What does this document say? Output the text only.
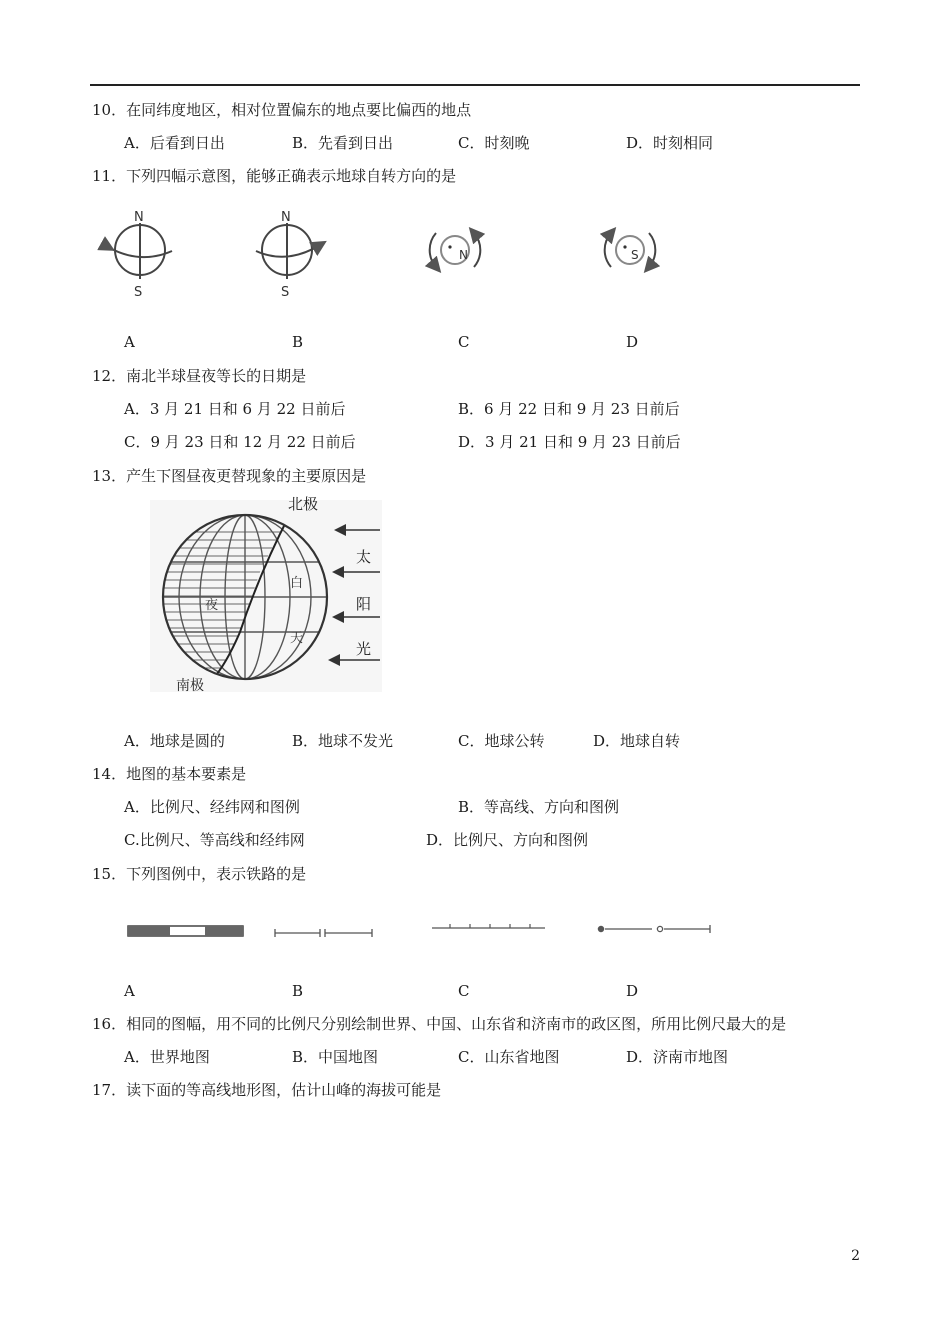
10．在同纬度地区，相对位置偏东的地点要比偏西的地点
A．后看到日出	B．先看到日出	C．时刻晚	D．时刻相同
11．下列四幅示意图，能够正确表示地球自转方向的是
N
S
N
S
N	S
A	B	C	D
12．南北半球昼夜等长的日期是
A．3 月 21 日和 6 月 22 日前后	B．6 月 22 日和 9 月 23 日前后
C．9 月 23 日和 12 月 22 日前后	D．3 月 21 日和 9 月 23 日前后
13．产生下图昼夜更替现象的主要原因是
北极
南极
太
阳
光
白
夜
天
A．地球是圆的	B．地球不发光	C．地球公转	D．地球自转
14．地图的基本要素是
A．比例尺、经纬网和图例	B．等高线、方向和图例
C.比例尺、等高线和经纬网	D．比例尺、方向和图例
15．下列图例中，表示铁路的是
A	B	C	D
16．相同的图幅，用不同的比例尺分别绘制世界、中国、山东省和济南市的政区图，所用比例尺最大的是
A．世界地图	B．中国地图	C．山东省地图	D．济南市地图
17．读下面的等高线地形图，估计山峰的海拔可能是
2
